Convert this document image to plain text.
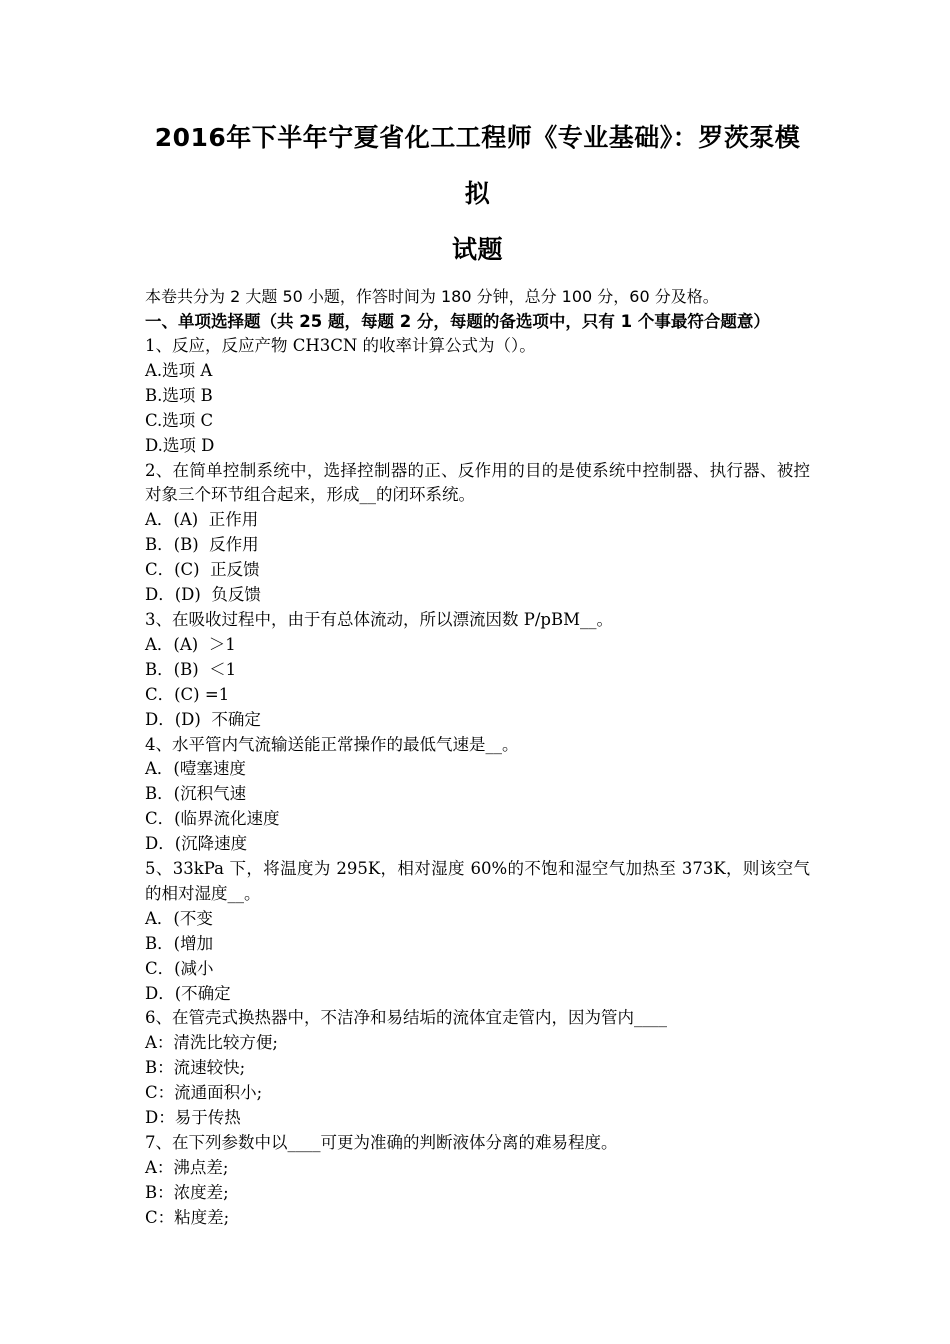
2016年下半年宁夏省化工工程师《专业基础》：罗茨泵模拟
试题
本卷共分为 2 大题 50 小题，作答时间为 180 分钟，总分 100 分，60 分及格。
一、单项选择题（共 25 题，每题 2 分，每题的备选项中，只有 1 个事最符合题意）
1、反应，反应产物 CH3CN 的收率计算公式为（）。
A.选项 A
B.选项 B
C.选项 C
D.选项 D
2、在简单控制系统中，选择控制器的正、反作用的目的是使系统中控制器、执行器、被控对象三个环节组合起来，形成__的闭环系统。
A．(A)  正作用
B．(B)  反作用
C．(C)  正反馈
D．(D)  负反馈
3、在吸收过程中，由于有总体流动，所以漂流因数 P/pBM__。
A．(A)  ＞1
B．(B)  ＜1
C．(C) =1
D．(D)  不确定
4、水平管内气流输送能正常操作的最低气速是__。
A．(噎塞速度
B．(沉积气速
C．(临界流化速度
D．(沉降速度
5、33kPa 下，将温度为 295K，相对湿度 60%的不饱和湿空气加热至 373K，则该空气的相对湿度__。
A．(不变
B．(增加
C．(减小
D．(不确定
6、在管壳式换热器中，不洁净和易结垢的流体宜走管内，因为管内____
A：清洗比较方便;
B：流速较快;
C：流通面积小;
D：易于传热
7、在下列参数中以____可更为准确的判断液体分离的难易程度。
A：沸点差;
B：浓度差;
C：粘度差;
